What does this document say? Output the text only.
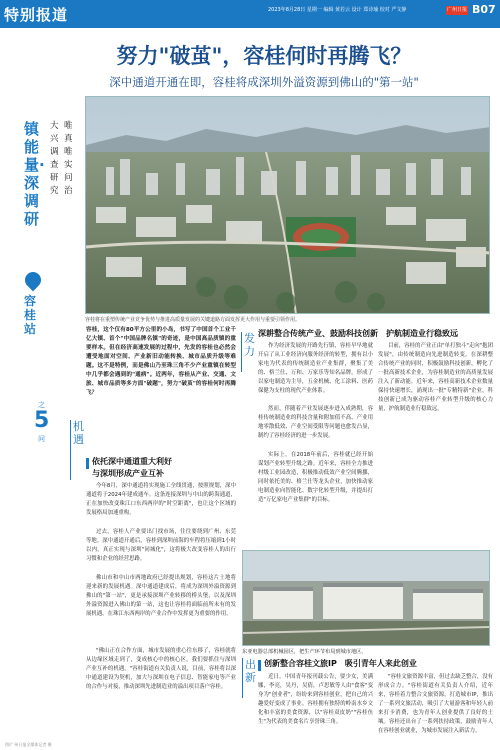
特别报道	2023年8月28日 星期一 编辑 黄若云 设计 郑诗瑜 校对 严文静	广州日报 B07
努力"破茧"，容桂何时再腾飞？
深中通道开通在即，容桂将成深圳外溢资源到佛山的"第一站"
容桂将在重塑传统产业竞争优势与推进高质量发展的关键道路方面发挥更大作用与重要引领作用。
镇能量·深调研
大兴调查研究
唯真唯实问治
容桂站
之
5
问
容桂，这个仅有80平方公里的小岛，书写了中国首个工业千亿大镇、首个"中国品牌名镇"的奇迹，是中国高品质镇的重要样本。但在经济高速发展的过程中，先发的容桂也必然会遭受地面对空间、产业新旧动能转换、城市品质升级等难题。这不是特例，而是佛山乃至珠三角不少产业重镇在转型中几乎都会遇到的"通病"。近两年，容桂从产业、交通、文旅、城市品质等多方面"破题"，努力"破茧"的容桂何时再腾飞？
机遇
依托深中通道重大利好
与深圳形成产业互补
今年8月，深中通道将实现施工全线贯通，按照规划，深中通道将于2024年建成通车。这条连接深圳与中山的跨海通道，正在加快改变珠江口东西两岸的"时空距离"，也让这个区域的发展格局加速重构。
过去，容桂人产业要出门找市场，往往要绕到广州、东莞等地。深中通道开通后，容桂到深圳前海的车程将压缩到1小时以内，真正实现与深圳"同城化"，这将极大改变容桂人的出行习惯和企业的经营思路。
佛山市和中山市两地政府已经提出规划，容桂这片土地将迎来新的发展机遇。深中通道建成后，将成为深圳外溢资源到佛山的"第一站"，更是承接深圳产业转移的桥头堡，以及深圳外溢资源进入佛山的第一站，这也让容桂将面临前所未有的发展机遇，在珠江东西两岸的产业合作中发挥更为重要的作用。
"佛山正在合作方面，城市发展的重心往东移了，容桂就将从边缘区域走到了，变成核心中的核心区，我们要抓住与深圳产业互补的机遇。"容桂街道有关负责人说，目前，容桂将以深中通道建设为契机，加大与深圳在电子信息、智能家电等产业的合作与对接，推动深圳先进制造业的溢出项目落户容桂。
发力
深耕整合传统产业、鼓励科技创新　护航制造业行稳致远
作为经济发展的开路先行镇，容桂早早地就开启了从工业经济向服务经济的转型，拥有以小家电为代表的传统制造业产业集群，聚集了美的、格兰仕、万和、万家乐等知名品牌，形成了以家电制造为主导，五金机械、化工涂料、医药保健为支柱的现代产业体系。
然而，伴随着产业发展逐步进入成熟期，容桂传统制造业的科技含量和附加值不高、产业用地零散低效、产业空间受限等问题也愈发凸显，制约了容桂经济的进一步发展。
实际上，在2018年前后，容桂就已经开始谋划产业转型升级之路。近年来，容桂全力推进村级工业园改造，积极推动低效产业空间腾挪，同时依托美的、格兰仕等龙头企业，加快推动家电制造业向智能化、数字化转型升级，并提出打造"万亿家电产业集群"的目标。
目前，容桂的产业正由"单打独斗"走向"抱团发展"，由传统制造向先进制造转变，在深耕整合传统产业的同时，积极鼓励科技创新，孵化了一批高新技术企业，为容桂制造业的高质量发展注入了新动能。近年来，容桂高新技术企业数量保持快速增长，涌现出一批"专精特新"企业，科技创新已成为驱动容桂产业转型升级的核心力量，护航制造业行稳致远。
东亚电器总部机械园区，把生产环节布局到城市地区。
出新
创新整合容桂文旅IP　吸引青年人来此创业
近日，中国青年报刊载公告，要少女，美满娜，李亮，吴丹，吴倩，卢思敏等人由"食客"变身为"创业者"，纷纷来到容桂创业，把自己的兴趣爱好变成了事业。容桂拥有独特的岭南水乡文化和丰富的美食资源，以"容桂双皮奶""容桂鱼生"为代表的美食名片享誉珠三角。
"容桂文旅资源丰富，但过去缺乏整合，没有形成合力。"容桂街道有关负责人介绍，近年来，容桂着力整合文旅资源，打造城市IP，推出了一系列文旅活动，吸引了大量游客和年轻人前来打卡消费，也为青年人创业提供了良好的土壤。容桂还出台了一系列扶持政策，鼓励青年人在容桂创业就业，为城市发展注入新活力。
图/广州日报全媒体记者 摄
